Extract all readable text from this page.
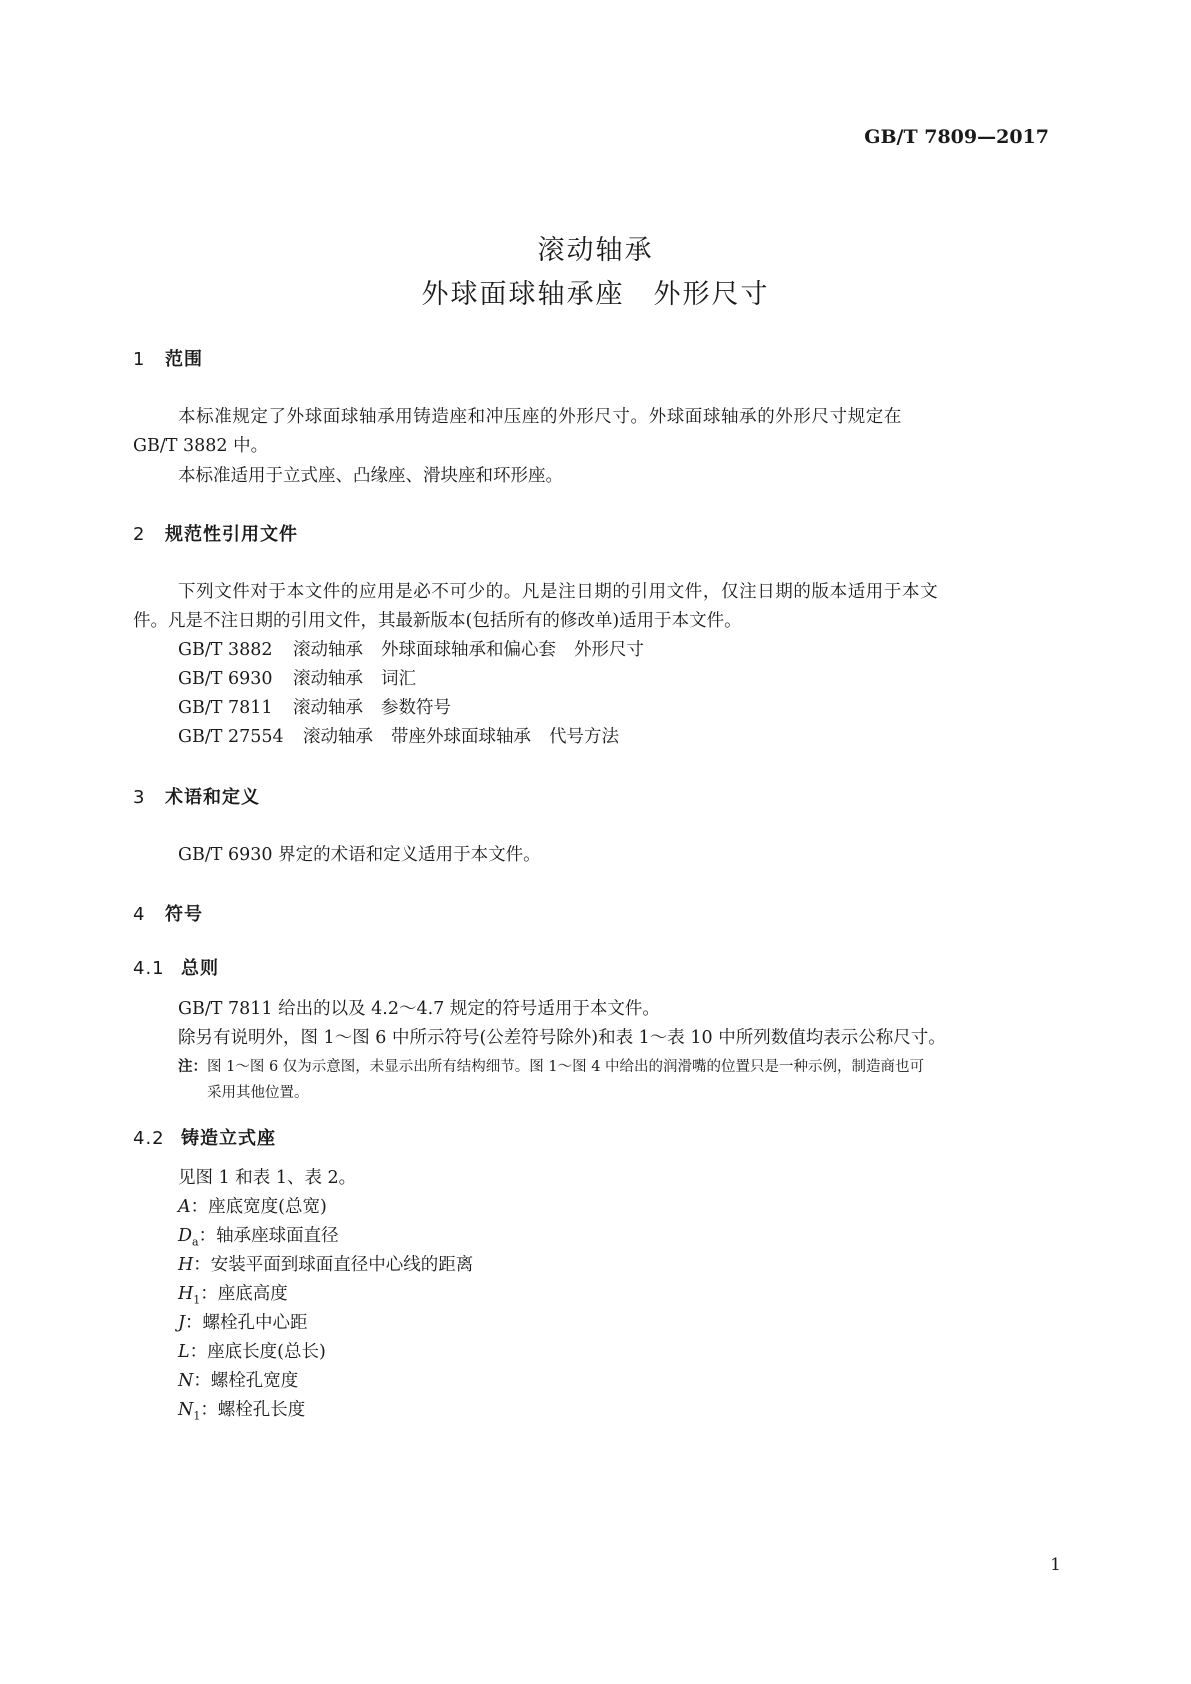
GB/T 7809—2017
滚动轴承
外球面球轴承座　外形尺寸
1 范围
本标准规定了外球面球轴承用铸造座和冲压座的外形尺寸。外球面球轴承的外形尺寸规定在
GB/T 3882 中。
本标准适用于立式座、凸缘座、滑块座和环形座。
2 规范性引用文件
下列文件对于本文件的应用是必不可少的。凡是注日期的引用文件，仅注日期的版本适用于本文
件。凡是不注日期的引用文件，其最新版本(包括所有的修改单)适用于本文件。
GB/T 3882 滚动轴承 外球面球轴承和偏心套 外形尺寸
GB/T 6930 滚动轴承 词汇
GB/T 7811 滚动轴承 参数符号
GB/T 27554 滚动轴承 带座外球面球轴承 代号方法
3 术语和定义
GB/T 6930 界定的术语和定义适用于本文件。
4 符号
4.1 总则
GB/T 7811 给出的以及 4.2～4.7 规定的符号适用于本文件。
除另有说明外，图 1～图 6 中所示符号(公差符号除外)和表 1～表 10 中所列数值均表示公称尺寸。
注：图 1～图 6 仅为示意图，未显示出所有结构细节。图 1～图 4 中给出的润滑嘴的位置只是一种示例，制造商也可
采用其他位置。
4.2 铸造立式座
见图 1 和表 1、表 2。
A：座底宽度(总宽)
$D_a$：轴承座球面直径
H：安装平面到球面直径中心线的距离
$H_1$：座底高度
J：螺栓孔中心距
L：座底长度(总长)
N：螺栓孔宽度
$N_1$：螺栓孔长度
1
